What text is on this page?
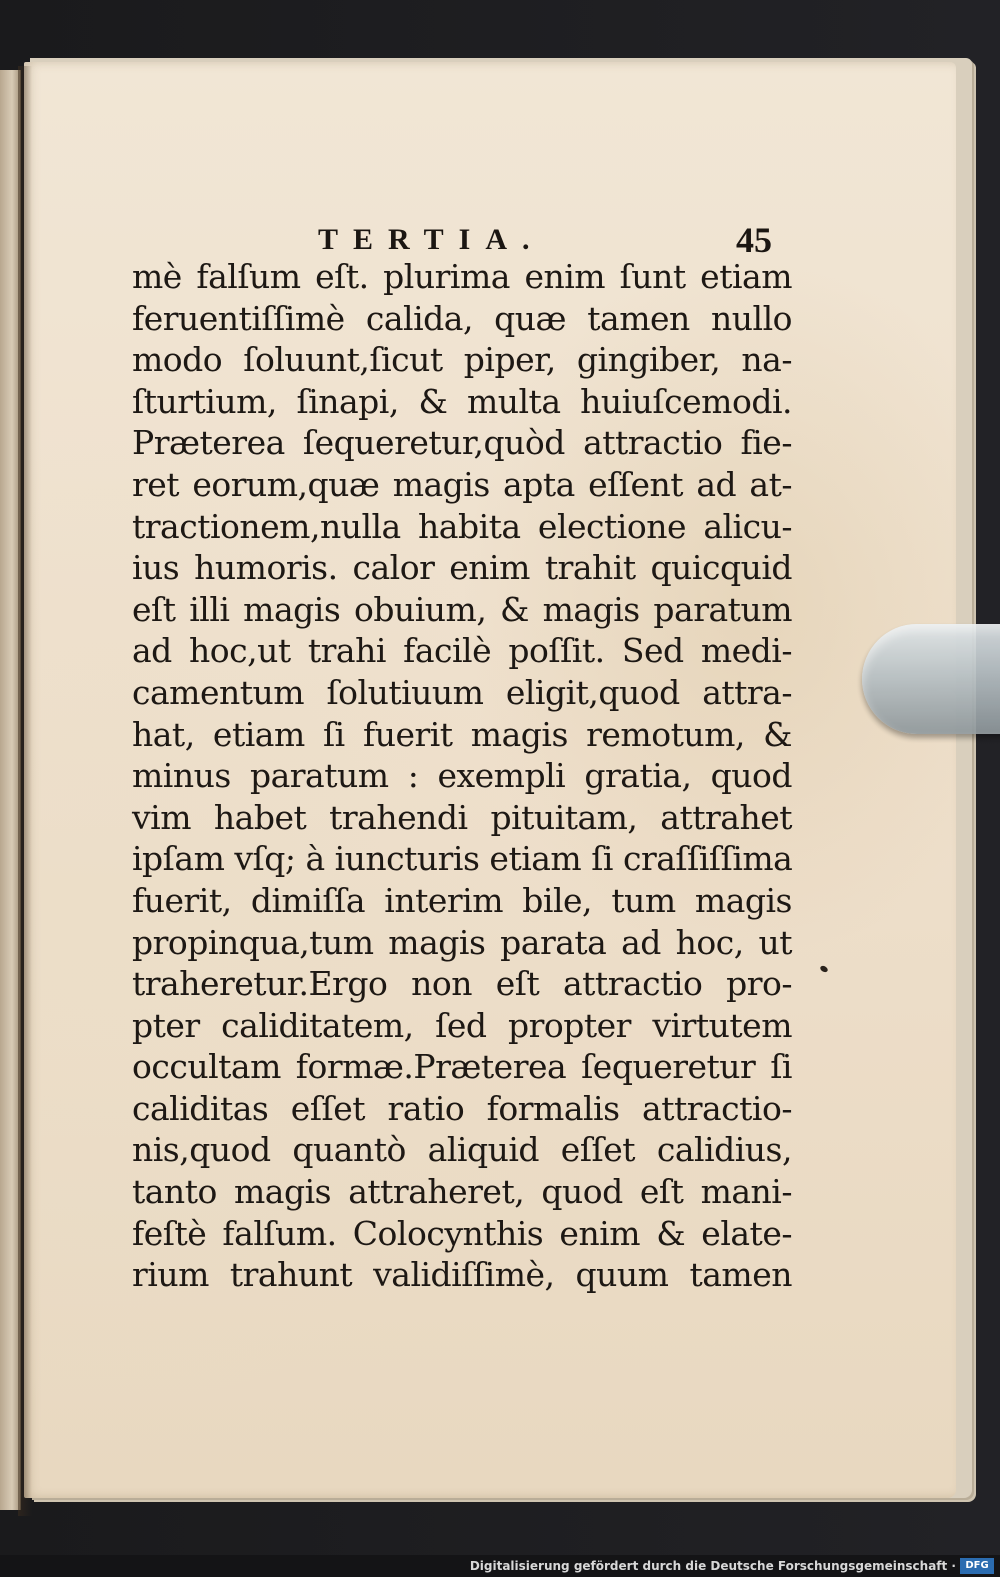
TERTIA.	45
mè falſum eſt. plurima enim ſunt etiam
feruentiſſimè calida, quæ tamen nullo
modo ſoluunt,ſicut piper, gingiber, na-
ſturtium, ſinapi, & multa huiuſcemodi.
Præterea ſequeretur,quòd attractio fie-
ret eorum,quæ magis apta eſſent ad at-
tractionem,nulla habita electione alicu-
ius humoris. calor enim trahit quicquid
eſt illi magis obuium, & magis paratum
ad hoc,ut trahi facilè poſſit. Sed medi-
camentum ſolutiuum eligit,quod attra-
hat, etiam ſi fuerit magis remotum, &
minus paratum : exempli gratia, quod
vim habet trahendi pituitam, attrahet
ipſam vſq; à iuncturis etiam ſi craſſiſſima
fuerit, dimiſſa interim bile, tum magis
propinqua,tum magis parata ad hoc, ut
traheretur.Ergo non eſt attractio pro-
pter caliditatem, ſed propter virtutem
occultam formæ.Præterea ſequeretur ſi
caliditas eſſet ratio formalis attractio-
nis,quod quantò aliquid eſſet calidius,
tanto magis attraheret, quod eſt mani-
feſtè falſum. Colocynthis enim & elate-
rium trahunt validiſſimè, quum tamen
Digitalisierung gefördert durch die Deutsche Forschungsgemeinschaft · DFG
